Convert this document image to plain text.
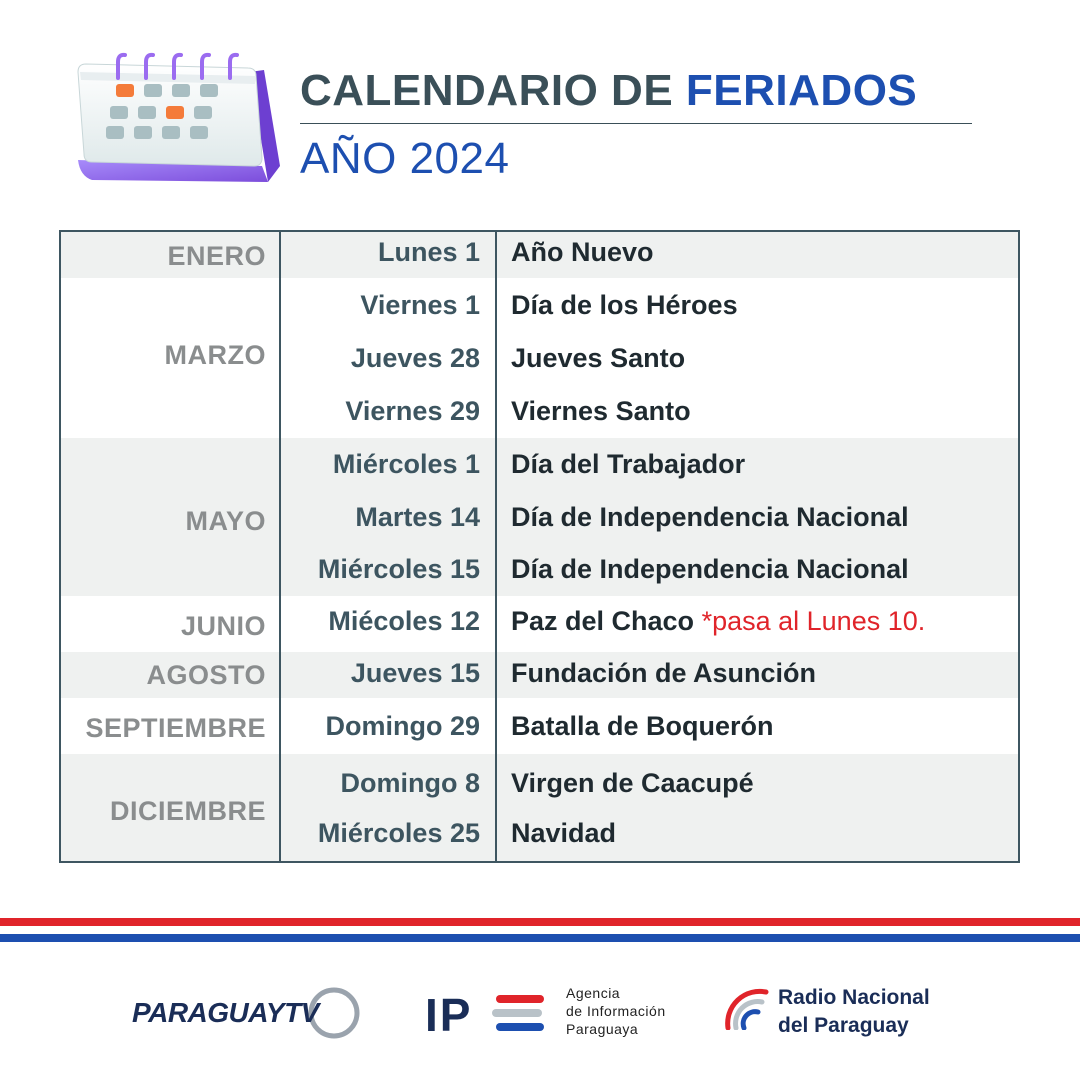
CALENDARIO DE FERIADOS
AÑO 2024
ENERO	Lunes 1 Año Nuevo
MARZO
Viernes 1 Día de los Héroes
Jueves 28 Jueves Santo
Viernes 29 Viernes Santo
MAYO
Miércoles 1 Día del Trabajador
Martes 14 Día de Independencia Nacional
Miércoles 15 Día de Independencia Nacional
JUNIO Miécoles 12 Paz del Chaco *pasa al Lunes 10.
AGOSTO	Jueves 15 Fundación de Asunción
SEPTIEMBRE Domingo 29 Batalla de Boquerón
DICIEMBRE
Domingo 8 Virgen de Caacupé
Miércoles 25 Navidad
PARAGUAYTV IP	Agencia
de Información
Paraguaya
Radio Nacional
del Paraguay
